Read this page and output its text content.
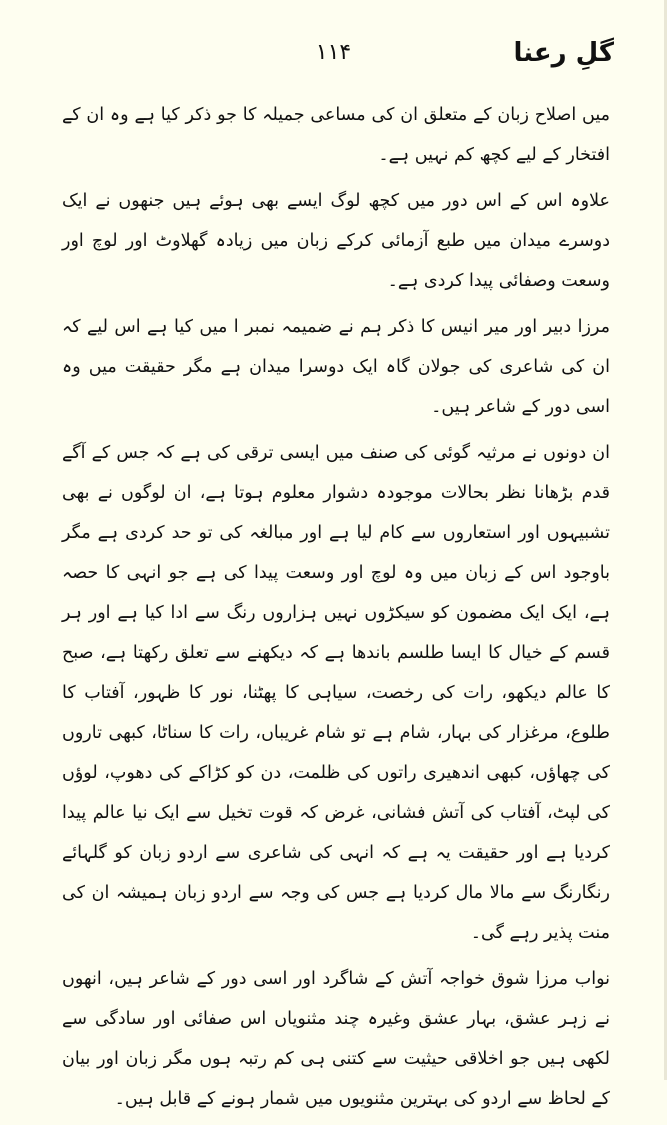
۱۱۴	گلِ رعنا

میں اصلاح زبان کے متعلق ان کی مساعی جمیلہ کا جو ذکر کیا ہے وہ ان کے افتخار کے لیے کچھ کم نہیں ہے۔

علاوہ اس کے اس دور میں کچھ لوگ ایسے بھی ہوئے ہیں جنھوں نے ایک دوسرے میدان میں طبع آزمائی کرکے زبان میں زیادہ گھلاوٹ اور لوچ اور وسعت وصفائی پیدا کردی ہے۔

مرزا دبیر اور میر انیس کا ذکر ہم نے ضمیمہ نمبر ا میں کیا ہے اس لیے کہ ان کی شاعری کی جولان گاہ ایک دوسرا میدان ہے مگر حقیقت میں وہ اسی دور کے شاعر ہیں۔

ان دونوں نے مرثیہ گوئی کی صنف میں ایسی ترقی کی ہے کہ جس کے آگے قدم بڑھانا نظر بحالات موجودہ دشوار معلوم ہوتا ہے، ان لوگوں نے بھی تشبیہوں اور استعاروں سے کام لیا ہے اور مبالغہ کی تو حد کردی ہے مگر باوجود اس کے زبان میں وہ لوچ اور وسعت پیدا کی ہے جو انہی کا حصہ ہے، ایک ایک مضمون کو سیکڑوں نہیں ہزاروں رنگ سے ادا کیا ہے اور ہر قسم کے خیال کا ایسا طلسم باندھا ہے کہ دیکھنے سے تعلق رکھتا ہے، صبح کا عالم دیکھو، رات کی رخصت، سیاہی کا پھٹنا، نور کا ظہور، آفتاب کا طلوع، مرغزار کی بہار، شام ہے تو شام غریباں، رات کا سناٹا، کبھی تاروں کی چھاؤں، کبھی اندھیری راتوں کی ظلمت، دن کو کڑاکے کی دھوپ، لوؤں کی لپٹ، آفتاب کی آتش فشانی، غرض کہ قوت تخیل سے ایک نیا عالم پیدا کردیا ہے اور حقیقت یہ ہے کہ انہی کی شاعری سے اردو زبان کو گلہائے رنگارنگ سے مالا مال کردیا ہے جس کی وجہ سے اردو زبان ہمیشہ ان کی منت پذیر رہے گی۔

نواب مرزا شوق خواجہ آتش کے شاگرد اور اسی دور کے شاعر ہیں، انھوں نے زہر عشق، بہار عشق وغیرہ چند مثنویاں اس صفائی اور سادگی سے لکھی ہیں جو اخلاقی حیثیت سے کتنی ہی کم رتبہ ہوں مگر زبان اور بیان کے لحاظ سے اردو کی بہترین مثنویوں میں شمار ہونے کے قابل ہیں۔
